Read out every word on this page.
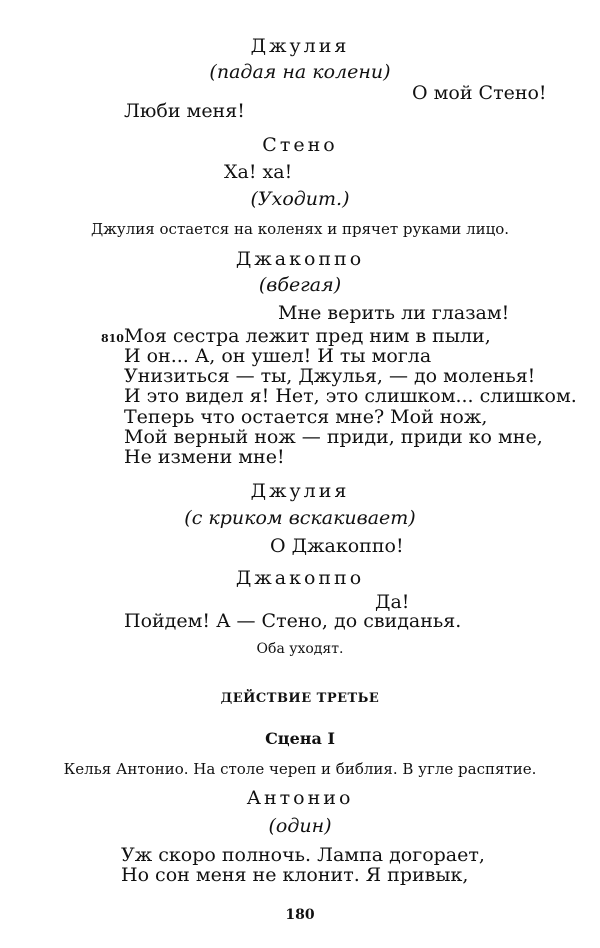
Джулия
(падая на колени)
О мой Стено!
Люби меня!
Стено
Ха! ха!
(Уходит.)
Джулия остается на коленях и прячет руками лицо.
Джакоппо
(вбегая)
Мне верить ли глазам!
810 Моя сестра лежит пред ним в пыли,
И он... А, он ушел! И ты могла
Унизиться — ты, Джулья, — до моленья!
И это видел я! Нет, это слишком... слишком.
Теперь что остается мне? Мой нож,
Мой верный нож — приди, приди ко мне,
Не измени мне!
Джулия
(с криком вскакивает)
О Джакоппо!
Джакоппо
Да!
Пойдем! А — Стено, до свиданья.
Оба уходят.
ДЕЙСТВИЕ ТРЕТЬЕ
Сцена I
Келья Антонио. На столе череп и библия. В угле распятие.
Антонио
(один)
Уж скоро полночь. Лампа догорает,
Но сон меня не клонит. Я привык,
180
